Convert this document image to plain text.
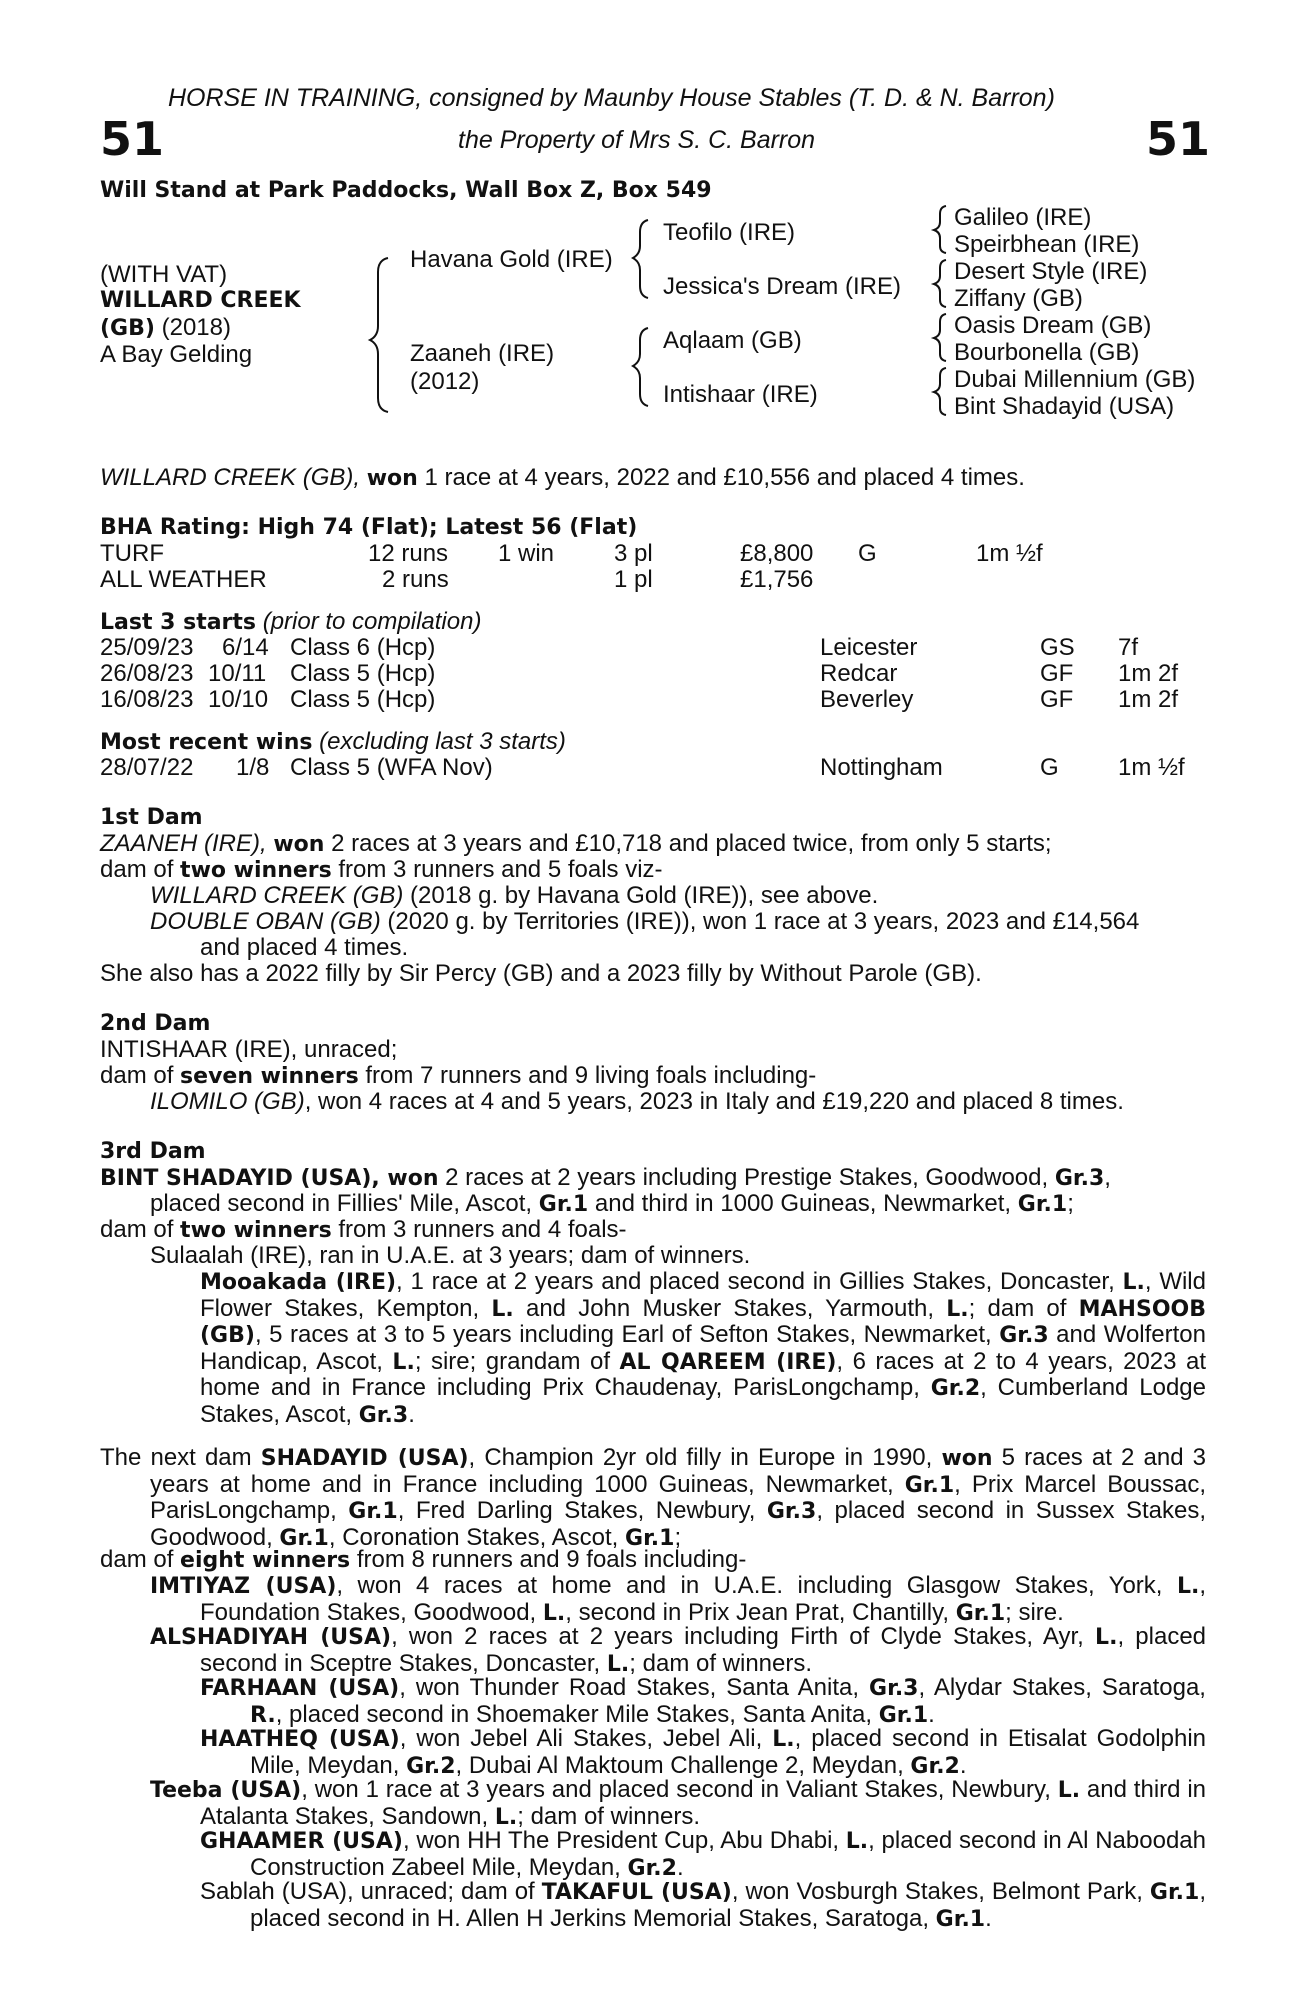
HORSE IN TRAINING, consigned by Maunby House Stables (T. D. & N. Barron)
the Property of Mrs S. C. Barron
51	51
Will Stand at Park Paddocks, Wall Box Z, Box 549
(WITH VAT)
WILLARD CREEK
(GB) (2018)
A Bay Gelding
Havana Gold (IRE)
Zaaneh (IRE)
(2012)
Teofilo (IRE)
Jessica's Dream (IRE)
Aqlaam (GB)
Intishaar (IRE)
Galileo (IRE)
Speirbhean (IRE)
Desert Style (IRE)
Ziffany (GB)
Oasis Dream (GB)
Bourbonella (GB)
Dubai Millennium (GB)
Bint Shadayid (USA)
WILLARD CREEK (GB), won 1 race at 4 years, 2022 and £10,556 and placed 4 times.
BHA Rating: High 74 (Flat); Latest 56 (Flat)
TURF	12 runs 1 win 3 pl	£8,800 G	1m ½f
ALL WEATHER	2 runs	1 pl	£1,756
Last 3 starts (prior to compilation)
25/09/23 6/14 Class 6 (Hcp)	Leicester	GS 7f
26/08/23 10/11 Class 5 (Hcp)	Redcar	GF 1m 2f
16/08/23 10/10 Class 5 (Hcp)	Beverley	GF 1m 2f
Most recent wins (excluding last 3 starts)
28/07/22 1/8 Class 5 (WFA Nov)	Nottingham	G 1m ½f
1st Dam
ZAANEH (IRE), won 2 races at 3 years and £10,718 and placed twice, from only 5 starts;
dam of two winners from 3 runners and 5 foals viz-
WILLARD CREEK (GB) (2018 g. by Havana Gold (IRE)), see above.
DOUBLE OBAN (GB) (2020 g. by Territories (IRE)), won 1 race at 3 years, 2023 and £14,564
and placed 4 times.
She also has a 2022 filly by Sir Percy (GB) and a 2023 filly by Without Parole (GB).
2nd Dam
INTISHAAR (IRE), unraced;
dam of seven winners from 7 runners and 9 living foals including-
ILOMILO (GB), won 4 races at 4 and 5 years, 2023 in Italy and £19,220 and placed 8 times.
3rd Dam
BINT SHADAYID (USA), won 2 races at 2 years including Prestige Stakes, Goodwood, Gr.3,
placed second in Fillies' Mile, Ascot, Gr.1 and third in 1000 Guineas, Newmarket, Gr.1;
dam of two winners from 3 runners and 4 foals-
Sulaalah (IRE), ran in U.A.E. at 3 years; dam of winners.
Mooakada (IRE), 1 race at 2 years and placed second in Gillies Stakes, Doncaster, L., Wild Flower Stakes, Kempton, L. and John Musker Stakes, Yarmouth, L.; dam of MAHSOOB (GB), 5 races at 3 to 5 years including Earl of Sefton Stakes, Newmarket, Gr.3 and Wolferton Handicap, Ascot, L.; sire; grandam of AL QAREEM (IRE), 6 races at 2 to 4 years, 2023 at home and in France including Prix Chaudenay, ParisLongchamp, Gr.2, Cumberland Lodge Stakes, Ascot, Gr.3.
The next dam SHADAYID (USA), Champion 2yr old filly in Europe in 1990, won 5 races at 2 and 3 years at home and in France including 1000 Guineas, Newmarket, Gr.1, Prix Marcel Boussac, ParisLongchamp, Gr.1, Fred Darling Stakes, Newbury, Gr.3, placed second in Sussex Stakes, Goodwood, Gr.1, Coronation Stakes, Ascot, Gr.1;
dam of eight winners from 8 runners and 9 foals including-
IMTIYAZ (USA), won 4 races at home and in U.A.E. including Glasgow Stakes, York, L., Foundation Stakes, Goodwood, L., second in Prix Jean Prat, Chantilly, Gr.1; sire.
ALSHADIYAH (USA), won 2 races at 2 years including Firth of Clyde Stakes, Ayr, L., placed second in Sceptre Stakes, Doncaster, L.; dam of winners.
FARHAAN (USA), won Thunder Road Stakes, Santa Anita, Gr.3, Alydar Stakes, Saratoga, R., placed second in Shoemaker Mile Stakes, Santa Anita, Gr.1.
HAATHEQ (USA), won Jebel Ali Stakes, Jebel Ali, L., placed second in Etisalat Godolphin Mile, Meydan, Gr.2, Dubai Al Maktoum Challenge 2, Meydan, Gr.2.
Teeba (USA), won 1 race at 3 years and placed second in Valiant Stakes, Newbury, L. and third in Atalanta Stakes, Sandown, L.; dam of winners.
GHAAMER (USA), won HH The President Cup, Abu Dhabi, L., placed second in Al Naboodah Construction Zabeel Mile, Meydan, Gr.2.
Sablah (USA), unraced; dam of TAKAFUL (USA), won Vosburgh Stakes, Belmont Park, Gr.1, placed second in H. Allen H Jerkins Memorial Stakes, Saratoga, Gr.1.
